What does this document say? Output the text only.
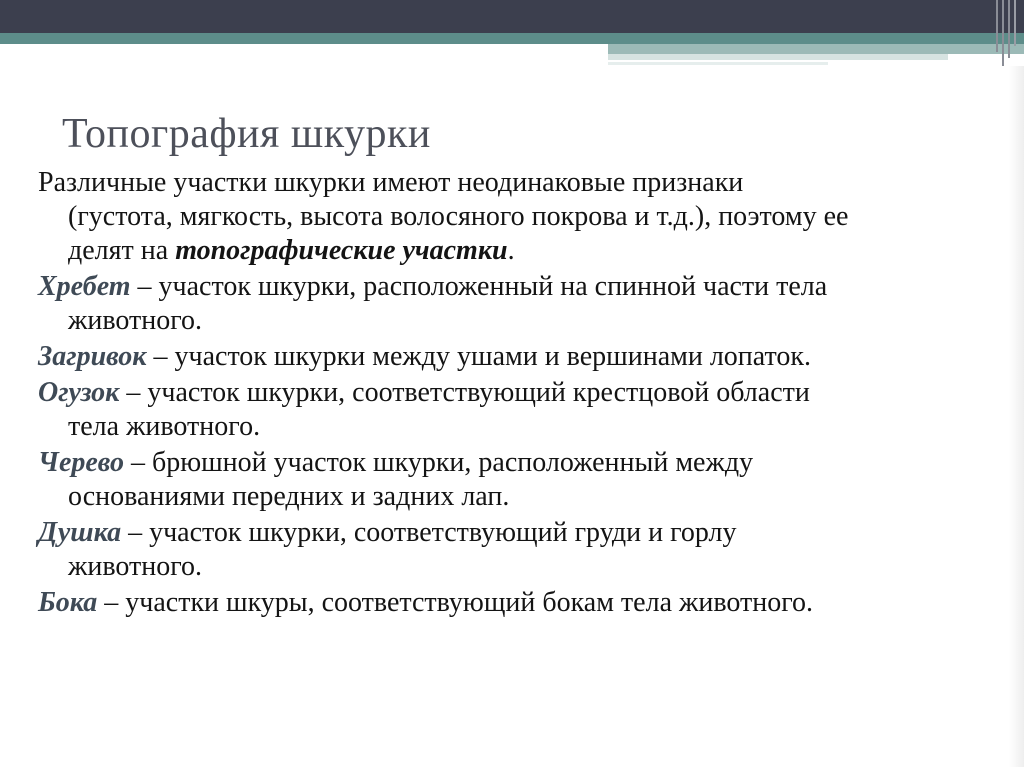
Топография шкурки
Различные участки шкурки имеют неодинаковые признаки
(густота, мягкость, высота волосяного покрова и т.д.), поэтому ее
делят на топографические участки.
Хребет – участок шкурки, расположенный на спинной части тела
животного.
Загривок – участок шкурки между ушами и вершинами лопаток.
Огузок – участок шкурки, соответствующий крестцовой области
тела животного.
Черево – брюшной участок шкурки, расположенный между
основаниями передних и задних лап.
Душка – участок шкурки, соответствующий груди и горлу
животного.
Бока – участки шкуры, соответствующий бокам тела животного.
